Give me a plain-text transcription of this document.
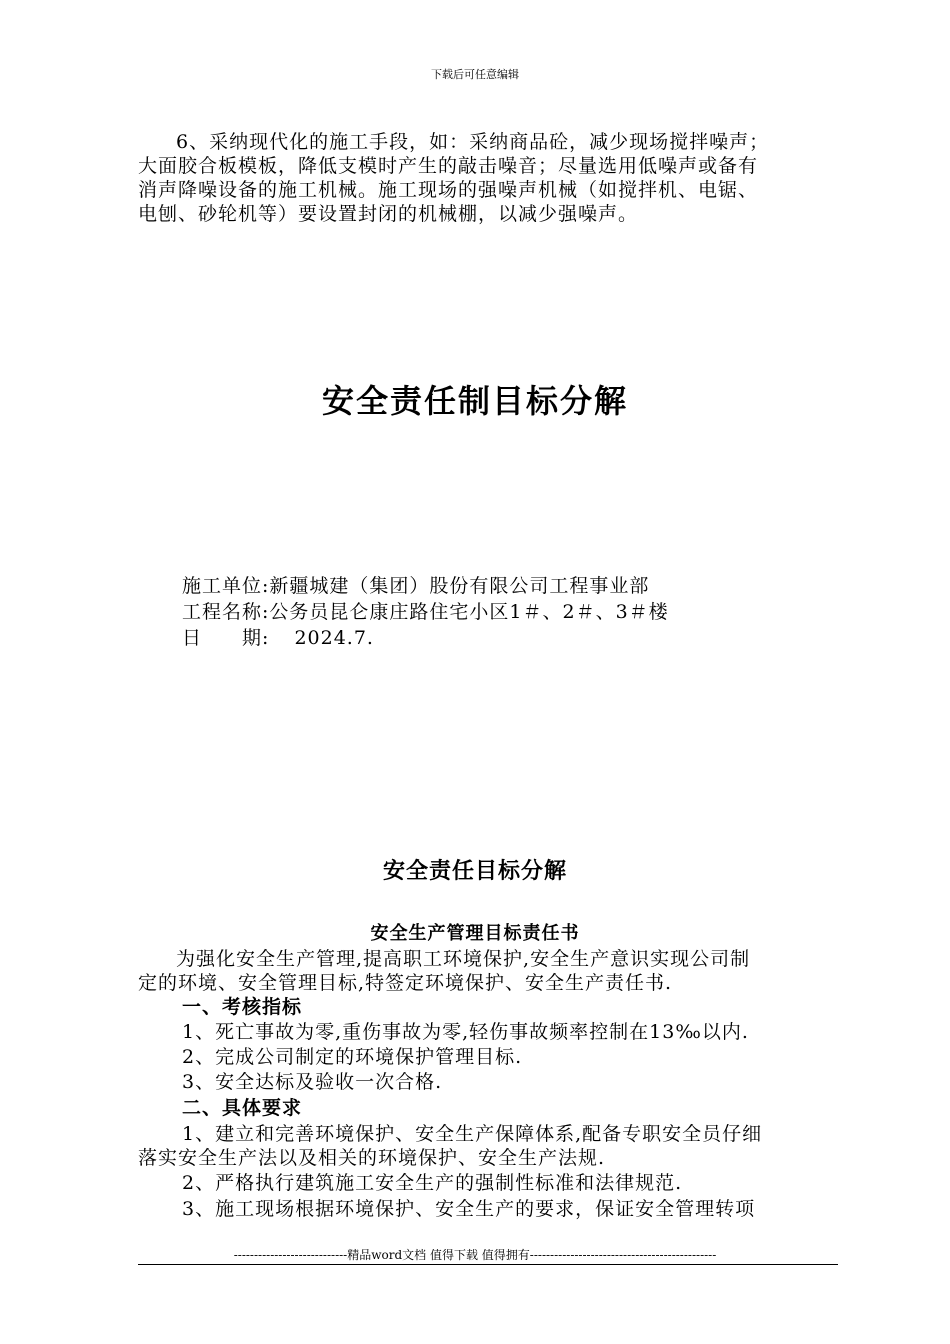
下载后可任意编辑
6、采纳现代化的施工手段，如：采纳商品砼，减少现场搅拌噪声；
大面胶合板模板，降低支模时产生的敲击噪音；尽量选用低噪声或备有
消声降噪设备的施工机械。施工现场的强噪声机械（如搅拌机、电锯、
电刨、砂轮机等）要设置封闭的机械棚，以减少强噪声。
安全责任制目标分解
施工单位:新疆城建（集团）股份有限公司工程事业部
工程名称:公务员昆仑康庄路住宅小区1＃、2＃、3＃楼
日　　期: 2024.7.
安全责任目标分解
安全生产管理目标责任书
为强化安全生产管理,提高职工环境保护,安全生产意识实现公司制
定的环境、安全管理目标,特签定环境保护、安全生产责任书.
一、考核指标
1、死亡事故为零,重伤事故为零,轻伤事故频率控制在13‰以内.
2、完成公司制定的环境保护管理目标.
3、安全达标及验收一次合格.
二、具体要求
1、建立和完善环境保护、安全生产保障体系,配备专职安全员仔细
落实安全生产法以及相关的环境保护、安全生产法规.
2、严格执行建筑施工安全生产的强制性标准和法律规范.
3、施工现场根据环境保护、安全生产的要求，保证安全管理转项
----------------------------精品word文档 值得下载 值得拥有----------------------------------------------
